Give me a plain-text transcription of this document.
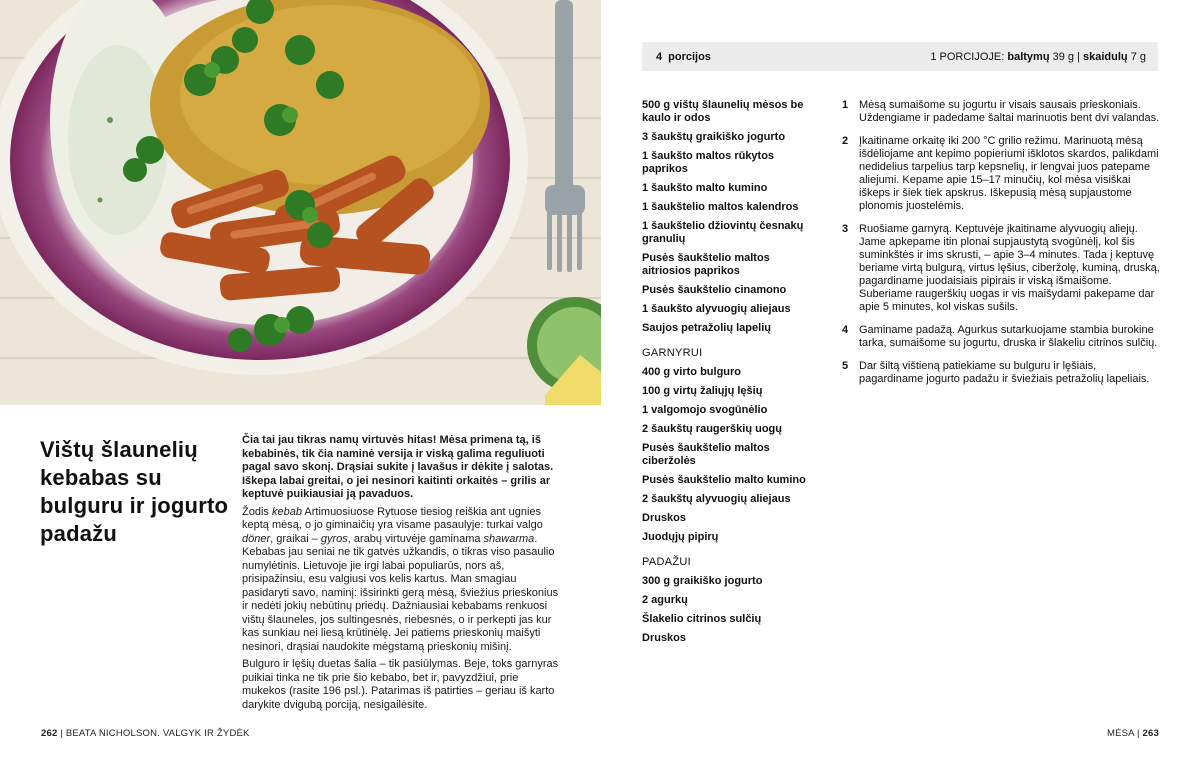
Vištų šlaunelių kebabas su bulguru ir jogurto padažu

Čia tai jau tikras namų virtuvės hitas! Mėsa primena tą, iš kebabinės, tik čia naminė versija ir viską galima reguliuoti pagal savo skonį. Drąsiai sukite į lavašus ir dėkite į salotas. Iškepa labai greitai, o jei nesinori kaitinti orkaitės – grilis ar keptuvė puikiausiai ją pavaduos.

Žodis kebab Artimuosiuose Rytuose tiesiog reiškia ant ugnies keptą mėsą, o jo giminaičių yra visame pasaulyje: turkai valgo döner, graikai – gyros, arabų virtuvėje gaminama shawarma. Kebabas jau seniai ne tik gatvės užkandis, o tikras viso pasaulio numylėtinis. Lietuvoje jie irgi labai populiarūs, nors aš, prisipažinsiu, esu valgiusi vos kelis kartus. Man smagiau pasidaryti savo, naminį: išsirinkti gerą mėsą, šviežius prieskonius ir nedėti jokių nebūtinų priedų. Dažniausiai kebabams renkuosi vištų šlauneles, jos sultingesnės, riebesnės, o ir perkepti jas kur kas sunkiau nei liesą krūtinėlę. Jei patiems prieskonių maišyti nesinori, drąsiai naudokite mėgstamą prieskonių mišinį.

Bulguro ir lęšių duetas šalia – tik pasiūlymas. Beje, toks garnyras puikiai tinka ne tik prie šio kebabo, bet ir, pavyzdžiui, prie mukekos (rasite 196 psl.). Patarimas iš patirties – geriau iš karto darykite dvigubą porciją, nesigailėsite.

262 | BEATA NICHOLSON. VALGYK IR ŽYDĖK
4 porcijos	1 PORCIJOJE: baltymų 39 g | skaidulų 7 g
500 g vištų šlaunelių mėsos be kaulo ir odos
3 šaukštų graikiško jogurto
1 šaukšto maltos rūkytos paprikos
1 šaukšto malto kumino
1 šaukštelio maltos kalendros
1 šaukštelio džiovintų česnakų granulių
Pusės šaukštelio maltos aitriosios paprikos
Pusės šaukštelio cinamono
1 šaukšto alyvuogių aliejaus
Saujos petražolių lapelių
GARNYRUI
400 g virto bulguro
100 g virtų žaliųjų lęšių
1 valgomojo svogūnėlio
2 šaukštų raugerškių uogų
Pusės šaukštelio maltos ciberžolės
Pusės šaukštelio malto kumino
2 šaukštų alyvuogių aliejaus
Druskos
Juodųjų pipirų
PADAŽUI
300 g graikiško jogurto
2 agurkų
Šlakelio citrinos sulčių
Druskos
1 Mėsą sumaišome su jogurtu ir visais sausais prieskoniais. Uždengiame ir padedame šaltai marinuotis bent dvi valandas.
2 Įkaitiname orkaitę iki 200 °C grilio režimu. Marinuotą mėsą išdėliojame ant kepimo popieriumi išklotos skardos, palikdami nedidelius tarpelius tarp kepsnelių, ir lengvai juos patepame aliejumi. Kepame apie 15–17 minučių, kol mėsa visiškai iškeps ir šiek tiek apskrus. Iškepusią mėsą supjaustome plonomis juostelėmis.
3 Ruošiame garnyrą. Keptuvėje įkaitiname alyvuogių aliejų. Jame apkepame itin plonai supjaustytą svogūnėlį, kol šis suminkštės ir ims skrusti, – apie 3–4 minutes. Tada į keptuvę beriame virtą bulgurą, virtus lęšius, ciberžolę, kuminą, druską, pagardiname juodaisiais pipirais ir viską išmaišome. Suberiame raugerškių uogas ir vis maišydami pakepame dar apie 5 minutes, kol viskas sušils.
4 Gaminame padažą. Agurkus sutarkuojame stambia burokine tarka, sumaišome su jogurtu, druska ir šlakeliu citrinos sulčių.
5 Dar šiltą vištieną patiekiame su bulguru ir lęšiais, pagardiname jogurto padažu ir šviežiais petražolių lapeliais.
MĖSA | 263
